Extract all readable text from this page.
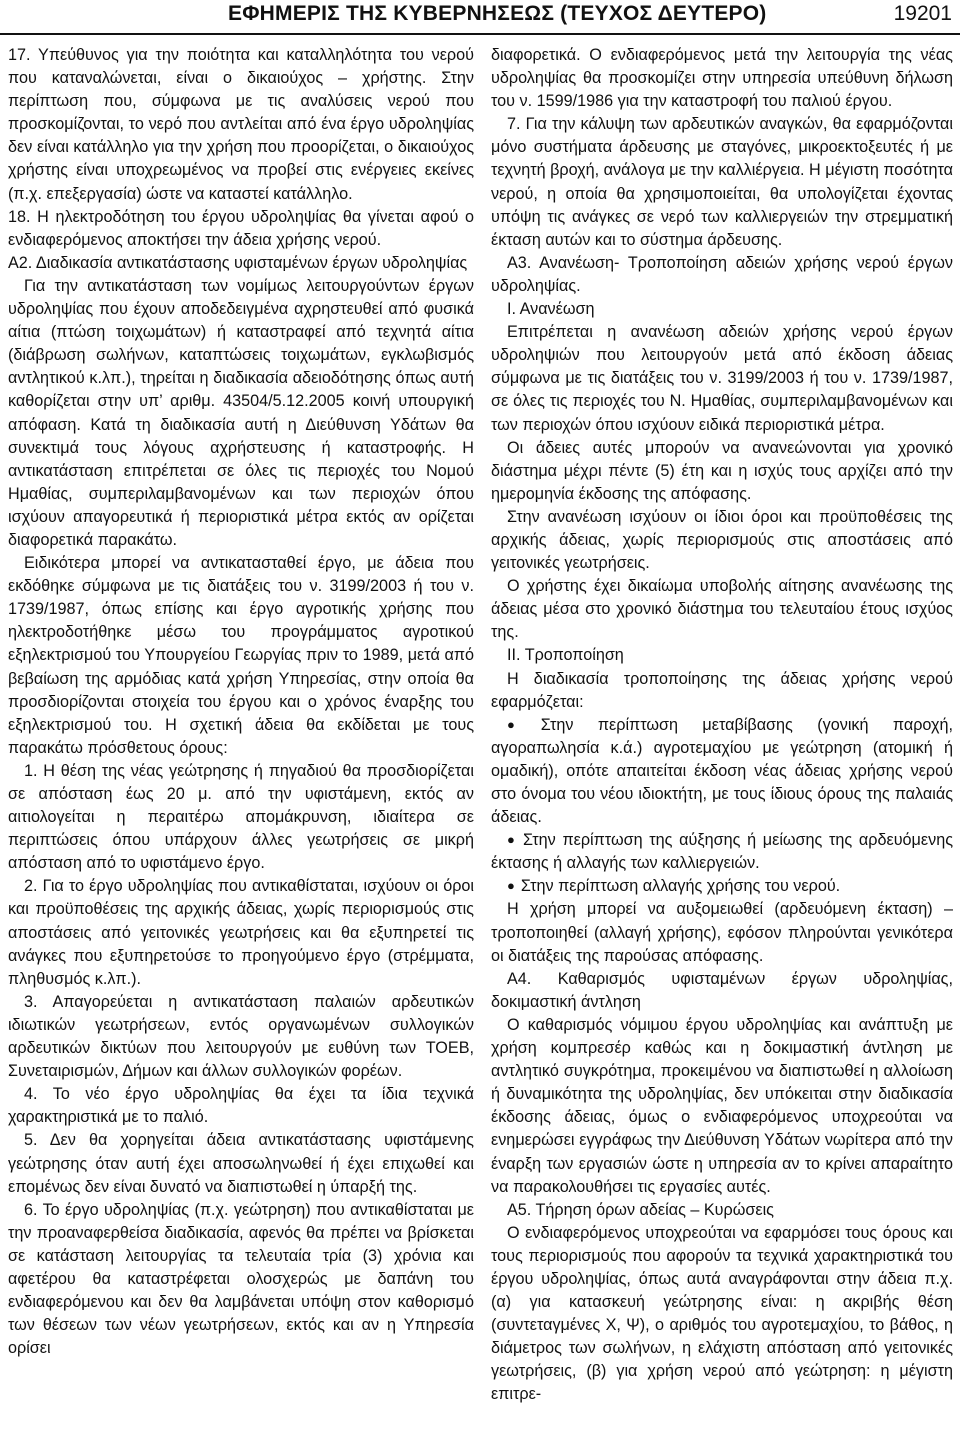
ΕΦΗΜΕΡΙΣ ΤΗΣ ΚΥΒΕΡΝΗΣΕΩΣ (ΤΕΥΧΟΣ ΔΕΥΤΕΡΟ)	19201

17. Υπεύθυνος για την ποιότητα και καταλληλότητα του νερού που καταναλώνεται, είναι ο δικαιούχος – χρήστης. Στην περίπτωση που, σύμφωνα με τις αναλύσεις νερού που προσκομίζονται, το νερό που αντλείται από ένα έργο υδροληψίας δεν είναι κατάλληλο για την χρήση που προορίζεται, ο δικαιούχος χρήστης είναι υποχρεωμένος να προβεί στις ενέργειες εκείνες (π.χ. επεξεργασία) ώστε να καταστεί κατάλληλο.

18. Η ηλεκτροδότηση του έργου υδροληψίας θα γίνεται αφού ο ενδιαφερόμενος αποκτήσει την άδεια χρήσης νερού.

Α2. Διαδικασία αντικατάστασης υφισταμένων έργων υδροληψίας

Για την αντικατάσταση των νομίμως λειτουργούντων έργων υδροληψίας που έχουν αποδεδειγμένα αχρηστευθεί από φυσικά αίτια (πτώση τοιχωμάτων) ή καταστραφεί από τεχνητά αίτια (διάβρωση σωλήνων, καταπτώσεις τοιχωμάτων, εγκλωβισμός αντλητικού κ.λπ.), τηρείται η διαδικασία αδειοδότησης όπως αυτή καθορίζεται στην υπ’ αριθμ. 43504/5.12.2005 κοινή υπουργική απόφαση. Κατά τη διαδικασία αυτή η Διεύθυνση Υδάτων θα συνεκτιμά τους λόγους αχρήστευσης ή καταστροφής. Η αντικατάσταση επιτρέπεται σε όλες τις περιοχές του Νομού Ημαθίας, συμπεριλαμβανομένων και των περιοχών όπου ισχύουν απαγορευτικά ή περιοριστικά μέτρα εκτός αν ορίζεται διαφορετικά παρακάτω.

Ειδικότερα μπορεί να αντικατασταθεί έργο, με άδεια που εκδόθηκε σύμφωνα με τις διατάξεις του ν. 3199/2003 ή του ν. 1739/1987, όπως επίσης και έργο αγροτικής χρήσης που ηλεκτροδοτήθηκε μέσω του προγράμματος αγροτικού εξηλεκτρισμού του Υπουργείου Γεωργίας πριν το 1989, μετά από βεβαίωση της αρμόδιας κατά χρήση Υπηρεσίας, στην οποία θα προσδιορίζονται στοιχεία του έργου και ο χρόνος έναρξης του εξηλεκτρισμού του. Η σχετική άδεια θα εκδίδεται με τους παρακάτω πρόσθετους όρους:

1. Η θέση της νέας γεώτρησης ή πηγαδιού θα προσδιορίζεται σε απόσταση έως 20 μ. από την υφιστάμενη, εκτός αν αιτιολογείται η περαιτέρω απομάκρυνση, ιδιαίτερα σε περιπτώσεις όπου υπάρχουν άλλες γεωτρήσεις σε μικρή απόσταση από το υφιστάμενο έργο.

2. Για το έργο υδροληψίας που αντικαθίσταται, ισχύουν οι όροι και προϋποθέσεις της αρχικής άδειας, χωρίς περιορισμούς στις αποστάσεις από γειτονικές γεωτρήσεις και θα εξυπηρετεί τις ανάγκες που εξυπηρετούσε το προηγούμενο έργο (στρέμματα, πληθυσμός κ.λπ.).

3. Απαγορεύεται η αντικατάσταση παλαιών αρδευτικών ιδιωτικών γεωτρήσεων, εντός οργανωμένων συλλογικών αρδευτικών δικτύων που λειτουργούν με ευθύνη των ΤΟΕΒ, Συνεταιρισμών, Δήμων και άλλων συλλογικών φορέων.

4. Το νέο έργο υδροληψίας θα έχει τα ίδια τεχνικά χαρακτηριστικά με το παλιό.

5. Δεν θα χορηγείται άδεια αντικατάστασης υφιστάμενης γεώτρησης όταν αυτή έχει αποσωληνωθεί ή έχει επιχωθεί και επομένως δεν είναι δυνατό να διαπιστωθεί η ύπαρξή της.

6. Το έργο υδροληψίας (π.χ. γεώτρηση) που αντικαθίσταται με την προαναφερθείσα διαδικασία, αφενός θα πρέπει να βρίσκεται σε κατάσταση λειτουργίας τα τελευταία τρία (3) χρόνια και αφετέρου θα καταστρέφεται ολοσχερώς με δαπάνη του ενδιαφερόμενου και δεν θα λαμβάνεται υπόψη στον καθορισμό των θέσεων των νέων γεωτρήσεων, εκτός και αν η Υπηρεσία ορίσει

διαφορετικά. Ο ενδιαφερόμενος μετά την λειτουργία της νέας υδροληψίας θα προσκομίζει στην υπηρεσία υπεύθυνη δήλωση του ν. 1599/1986 για την καταστροφή του παλιού έργου.

7. Για την κάλυψη των αρδευτικών αναγκών, θα εφαρμόζονται μόνο συστήματα άρδευσης με σταγόνες, μικροεκτοξευτές ή με τεχνητή βροχή, ανάλογα με την καλλιέργεια. Η μέγιστη ποσότητα νερού, η οποία θα χρησιμοποιείται, θα υπολογίζεται έχοντας υπόψη τις ανάγκες σε νερό των καλλιεργειών την στρεμματική έκταση αυτών και το σύστημα άρδευσης.

Α3. Ανανέωση- Τροποποίηση αδειών χρήσης νερού έργων υδροληψίας.

Ι. Ανανέωση

Επιτρέπεται η ανανέωση αδειών χρήσης νερού έργων υδροληψιών που λειτουργούν μετά από έκδοση άδειας σύμφωνα με τις διατάξεις του ν. 3199/2003 ή του ν. 1739/1987, σε όλες τις περιοχές του Ν. Ημαθίας, συμπεριλαμβανομένων και των περιοχών όπου ισχύουν ειδικά περιοριστικά μέτρα.

Οι άδειες αυτές μπορούν να ανανεώνονται για χρονικό διάστημα μέχρι πέντε (5) έτη και η ισχύς τους αρχίζει από την ημερομηνία έκδοσης της απόφασης.

Στην ανανέωση ισχύουν οι ίδιοι όροι και προϋποθέσεις της αρχικής άδειας, χωρίς περιορισμούς στις αποστάσεις από γειτονικές γεωτρήσεις.

Ο χρήστης έχει δικαίωμα υποβολής αίτησης ανανέωσης της άδειας μέσα στο χρονικό διάστημα του τελευταίου έτους ισχύος της.

ΙΙ. Τροποποίηση

Η διαδικασία τροποποίησης της άδειας χρήσης νερού εφαρμόζεται:

● Στην περίπτωση μεταβίβασης (γονική παροχή, αγοραπωλησία κ.ά.) αγροτεμαχίου με γεώτρηση (ατομική ή ομαδική), οπότε απαιτείται έκδοση νέας άδειας χρήσης νερού στο όνομα του νέου ιδιοκτήτη, με τους ίδιους όρους της παλαιάς άδειας.

● Στην περίπτωση της αύξησης ή μείωσης της αρδευόμενης έκτασης ή αλλαγής των καλλιεργειών.

● Στην περίπτωση αλλαγής χρήσης του νερού.

Η χρήση μπορεί να αυξομειωθεί (αρδευόμενη έκταση) – τροποποιηθεί (αλλαγή χρήσης), εφόσον πληρούνται γενικότερα οι διατάξεις της παρούσας απόφασης.

Α4. Καθαρισμός υφισταμένων έργων υδροληψίας, δοκιμαστική άντληση

Ο καθαρισμός νόμιμου έργου υδροληψίας και ανάπτυξη με χρήση κομπρεσέρ καθώς και η δοκιμαστική άντληση με αντλητικό συγκρότημα, προκειμένου να διαπιστωθεί η αλλοίωση ή δυναμικότητα της υδροληψίας, δεν υπόκειται στην διαδικασία έκδοσης άδειας, όμως ο ενδιαφερόμενος υποχρεούται να ενημερώσει εγγράφως την Διεύθυνση Υδάτων νωρίτερα από την έναρξη των εργασιών ώστε η υπηρεσία αν το κρίνει απαραίτητο να παρακολουθήσει τις εργασίες αυτές.

Α5. Τήρηση όρων αδείας – Κυρώσεις

Ο ενδιαφερόμενος υποχρεούται να εφαρμόσει τους όρους και τους περιορισμούς που αφορούν τα τεχνικά χαρακτηριστικά του έργου υδροληψίας, όπως αυτά αναγράφονται στην άδεια π.χ. (α) για κατασκευή γεώτρησης είναι: η ακριβής θέση (συντεταγμένες Χ, Ψ), ο αριθμός του αγροτεμαχίου, το βάθος, η διάμετρος των σωλήνων, η ελάχιστη απόσταση από γειτονικές γεωτρήσεις, (β) για χρήση νερού από γεώτρηση: η μέγιστη επιτρε-
